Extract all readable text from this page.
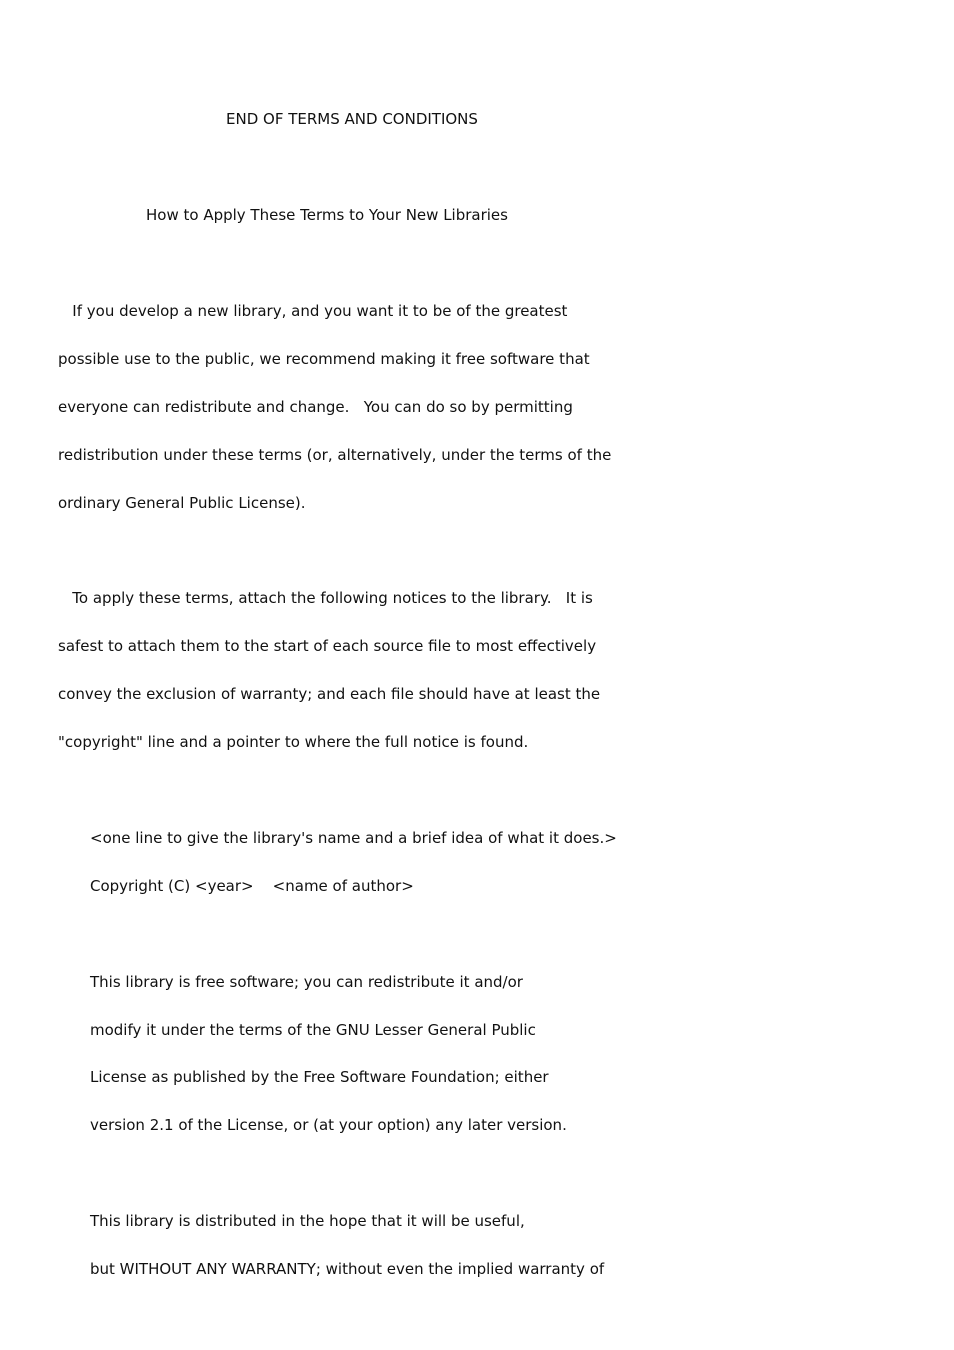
END OF TERMS AND CONDITIONS

How to Apply These Terms to Your New Libraries

If you develop a new library, and you want it to be of the greatest

possible use to the public, we recommend making it free software that

everyone can redistribute and change.   You can do so by permitting

redistribution under these terms (or, alternatively, under the terms of the

ordinary General Public License).

To apply these terms, attach the following notices to the library.   It is

safest to attach them to the start of each source file to most effectively

convey the exclusion of warranty; and each file should have at least the

"copyright" line and a pointer to where the full notice is found.

<one line to give the library's name and a brief idea of what it does.>

Copyright (C) <year>    <name of author>

This library is free software; you can redistribute it and/or

modify it under the terms of the GNU Lesser General Public

License as published by the Free Software Foundation; either

version 2.1 of the License, or (at your option) any later version.

This library is distributed in the hope that it will be useful,

but WITHOUT ANY WARRANTY; without even the implied warranty of
